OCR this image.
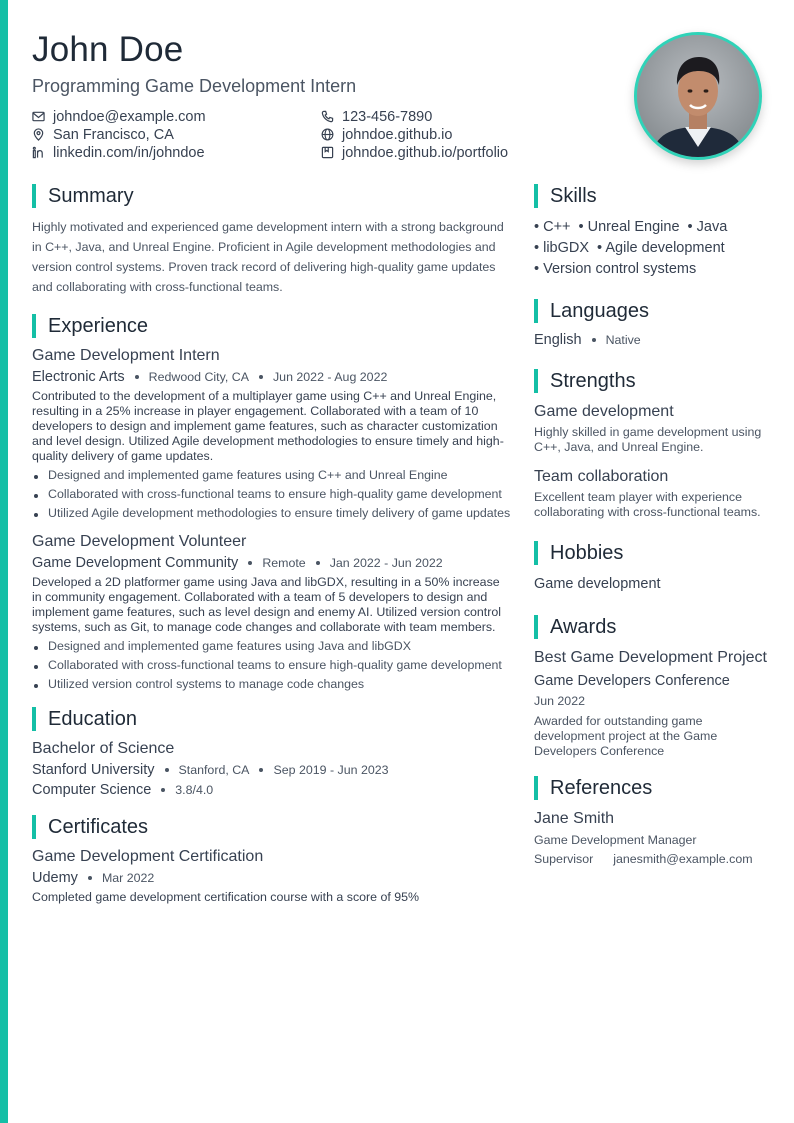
John Doe
Programming Game Development Intern
johndoe@example.com	123-456-7890
San Francisco, CA	johndoe.github.io
linkedin.com/in/johndoe	johndoe.github.io/portfolio
Summary
Highly motivated and experienced game development intern with a strong background in C++, Java, and Unreal Engine. Proficient in Agile development methodologies and version control systems. Proven track record of delivering high-quality game updates and collaborating with cross-functional teams.
Experience
Game Development Intern
Electronic Arts Redwood City, CA Jun 2022 - Aug 2022
Contributed to the development of a multiplayer game using C++ and Unreal Engine, resulting in a 25% increase in player engagement. Collaborated with a team of 10 developers to design and implement game features, such as character customization and level design. Utilized Agile development methodologies to ensure timely and high-quality delivery of game updates.
Designed and implemented game features using C++ and Unreal Engine
Collaborated with cross-functional teams to ensure high-quality game development
Utilized Agile development methodologies to ensure timely delivery of game updates
Game Development Volunteer
Game Development Community Remote Jan 2022 - Jun 2022
Developed a 2D platformer game using Java and libGDX, resulting in a 50% increase in community engagement. Collaborated with a team of 5 developers to design and implement game features, such as level design and enemy AI. Utilized version control systems, such as Git, to manage code changes and collaborate with team members.
Designed and implemented game features using Java and libGDX
Collaborated with cross-functional teams to ensure high-quality game development
Utilized version control systems to manage code changes
Education
Bachelor of Science
Stanford University Stanford, CA Sep 2019 - Jun 2023
Computer Science 3.8/4.0
Certificates
Game Development Certification
Udemy Mar 2022
Completed game development certification course with a score of 95%
Skills
• C++	• Unreal Engine	• Java
• libGDX	• Agile development
• Version control systems
Languages
English Native
Strengths
Game development
Highly skilled in game development using C++, Java, and Unreal Engine.
Team collaboration
Excellent team player with experience collaborating with cross-functional teams.
Hobbies
Game development
Awards
Best Game Development Project
Game Developers Conference
Jun 2022
Awarded for outstanding game development project at the Game Developers Conference
References
Jane Smith
Game Development Manager
Supervisor janesmith@example.com
